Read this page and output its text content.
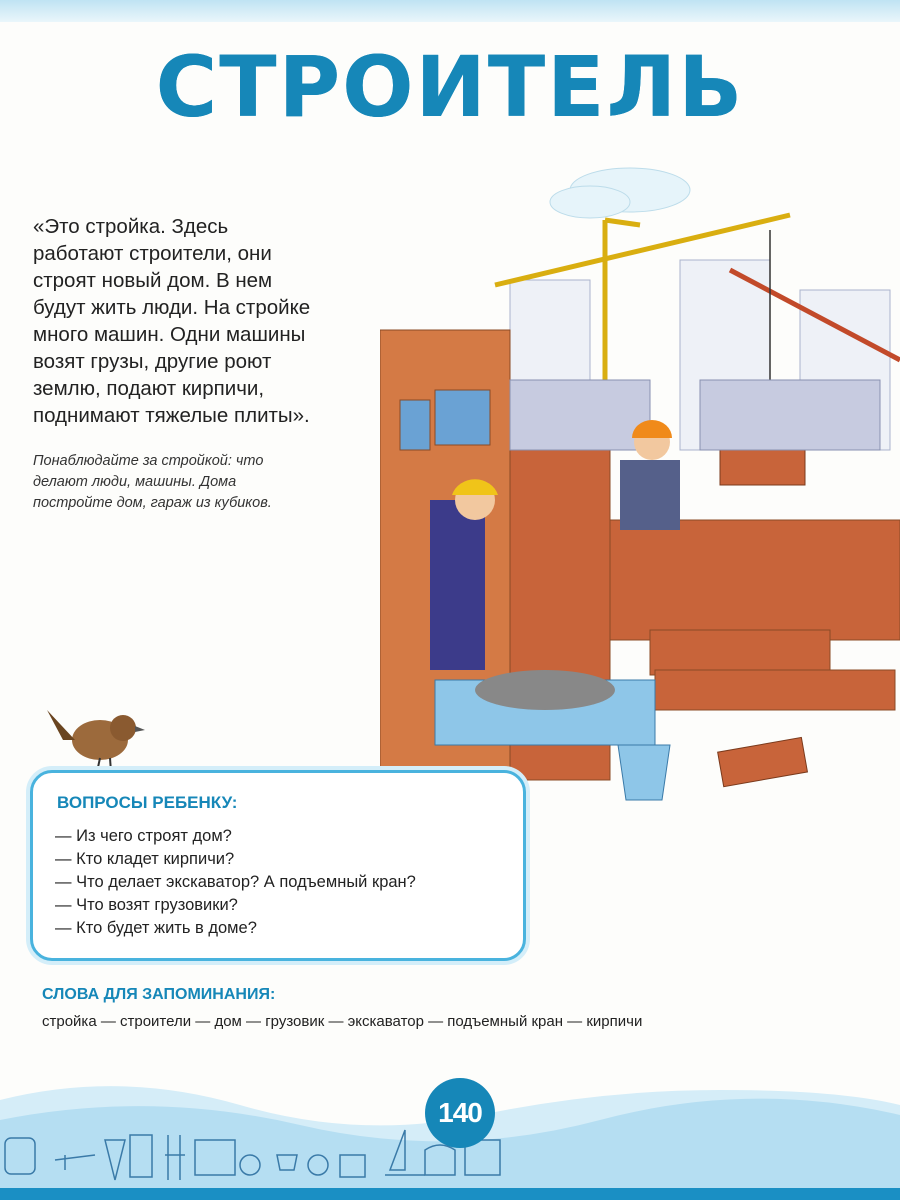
СТРОИТЕЛЬ
«Это стройка. Здесь
работают строители, они
строят новый дом. В нем
будут жить люди. На стройке
много машин. Одни машины
возят грузы, другие роют
землю, подают кирпичи,
поднимают тяжелые плиты».
Понаблюдайте за стройкой: что
делают люди, машины. Дома
постройте дом, гараж из кубиков.
ВОПРОСЫ РЕБЕНКУ:
— Из чего строят дом?
— Кто кладет кирпичи?
— Что делает экскаватор? А подъемный кран?
— Что возят грузовики?
— Кто будет жить в доме?
СЛОВА ДЛЯ ЗАПОМИНАНИЯ:
стройка — строители — дом — грузовик — экскаватор — подъемный кран — кирпичи
140
